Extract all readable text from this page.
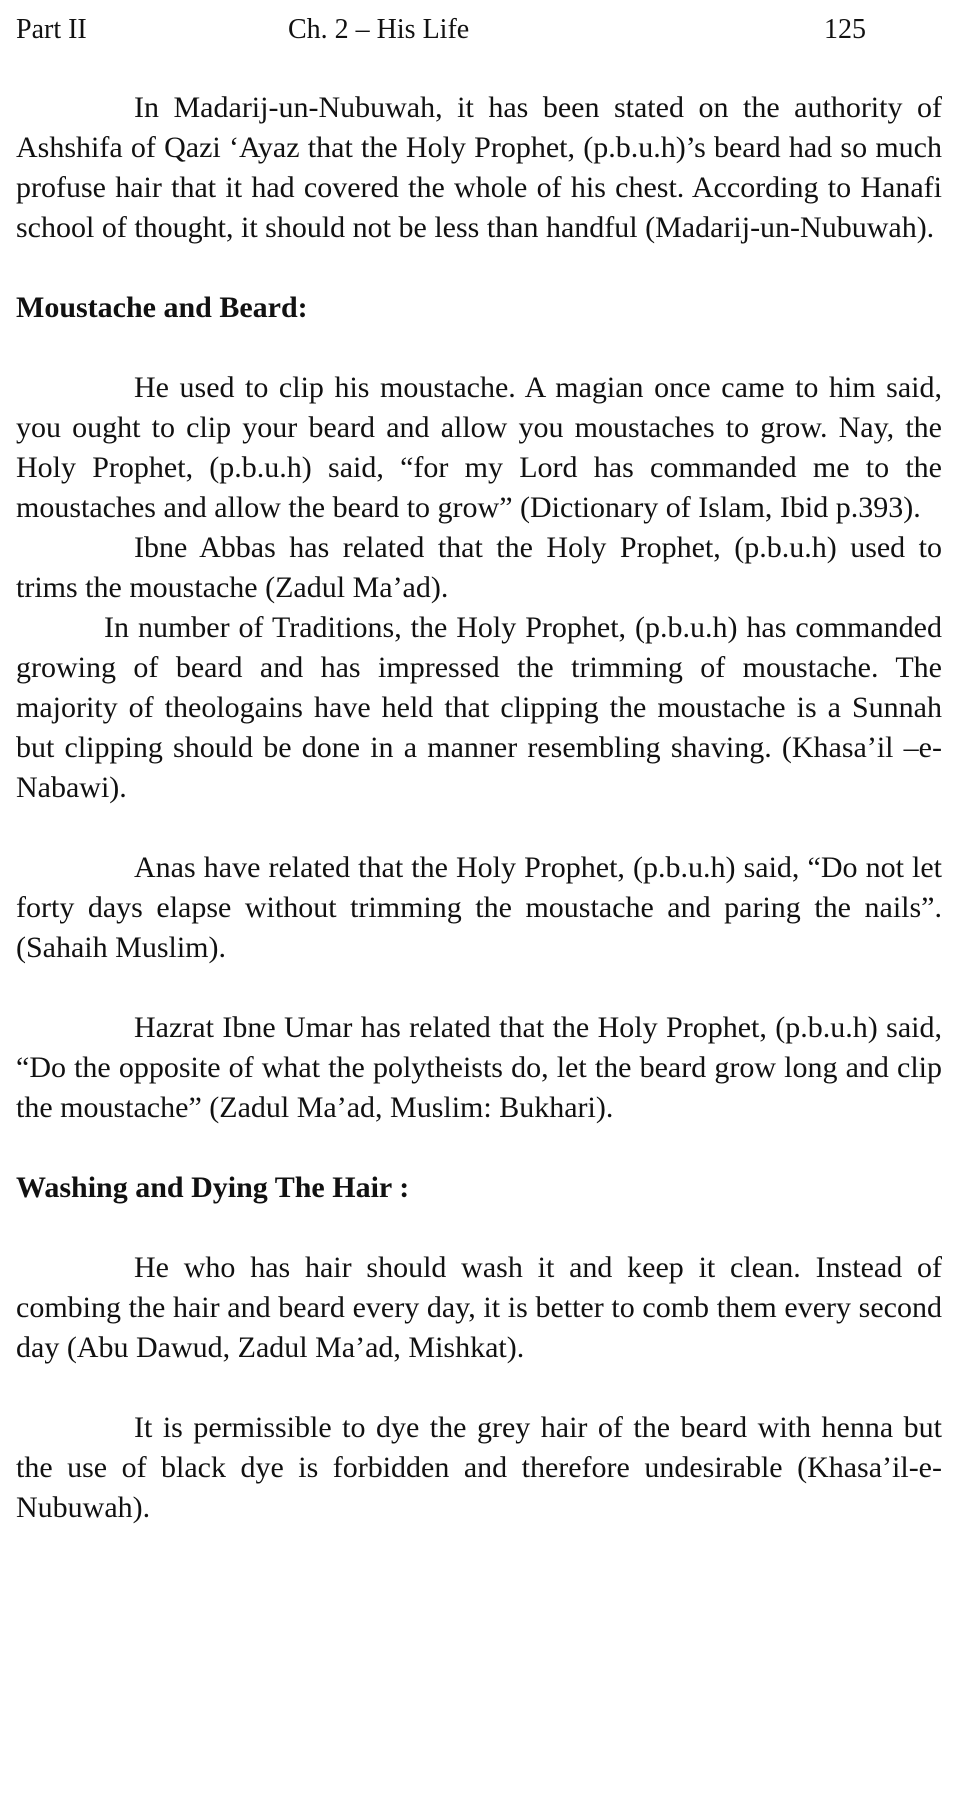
Part II	Ch. 2 – His Life	125

In Madarij-un-Nubuwah, it has been stated on the authority of Ashshifa of Qazi ‘Ayaz that the Holy Prophet, (p.b.u.h)’s beard had so much profuse hair that it had covered the whole of his chest. According to Hanafi school of thought, it should not be less than handful (Madarij-un-Nubuwah).

Moustache and Beard:

He used to clip his moustache. A magian once came to him said, you ought to clip your beard and allow you moustaches to grow. Nay, the Holy Prophet, (p.b.u.h) said, “for my Lord has commanded me to the moustaches and allow the beard to grow” (Dictionary of Islam, Ibid p.393).

Ibne Abbas has related that the Holy Prophet, (p.b.u.h) used to trims the moustache (Zadul Ma’ad).

In number of Traditions, the Holy Prophet, (p.b.u.h) has commanded growing of beard and has impressed the trimming of moustache. The majority of theologains have held that clipping the moustache is a Sunnah but clipping should be done in a manner resembling shaving. (Khasa’il –e-Nabawi).

Anas have related that the Holy Prophet, (p.b.u.h) said, “Do not let forty days elapse without trimming the moustache and paring the nails”. (Sahaih Muslim).

Hazrat Ibne Umar has related that the Holy Prophet, (p.b.u.h) said, “Do the opposite of what the polytheists do, let the beard grow long and clip the moustache” (Zadul Ma’ad, Muslim: Bukhari).

Washing and Dying The Hair :

He who has hair should wash it and keep it clean. Instead of combing the hair and beard every day, it is better to comb them every second day (Abu Dawud, Zadul Ma’ad, Mishkat).

It is permissible to dye the grey hair of the beard with henna but the use of black dye is forbidden and therefore undesirable (Khasa’il-e-Nubuwah).
